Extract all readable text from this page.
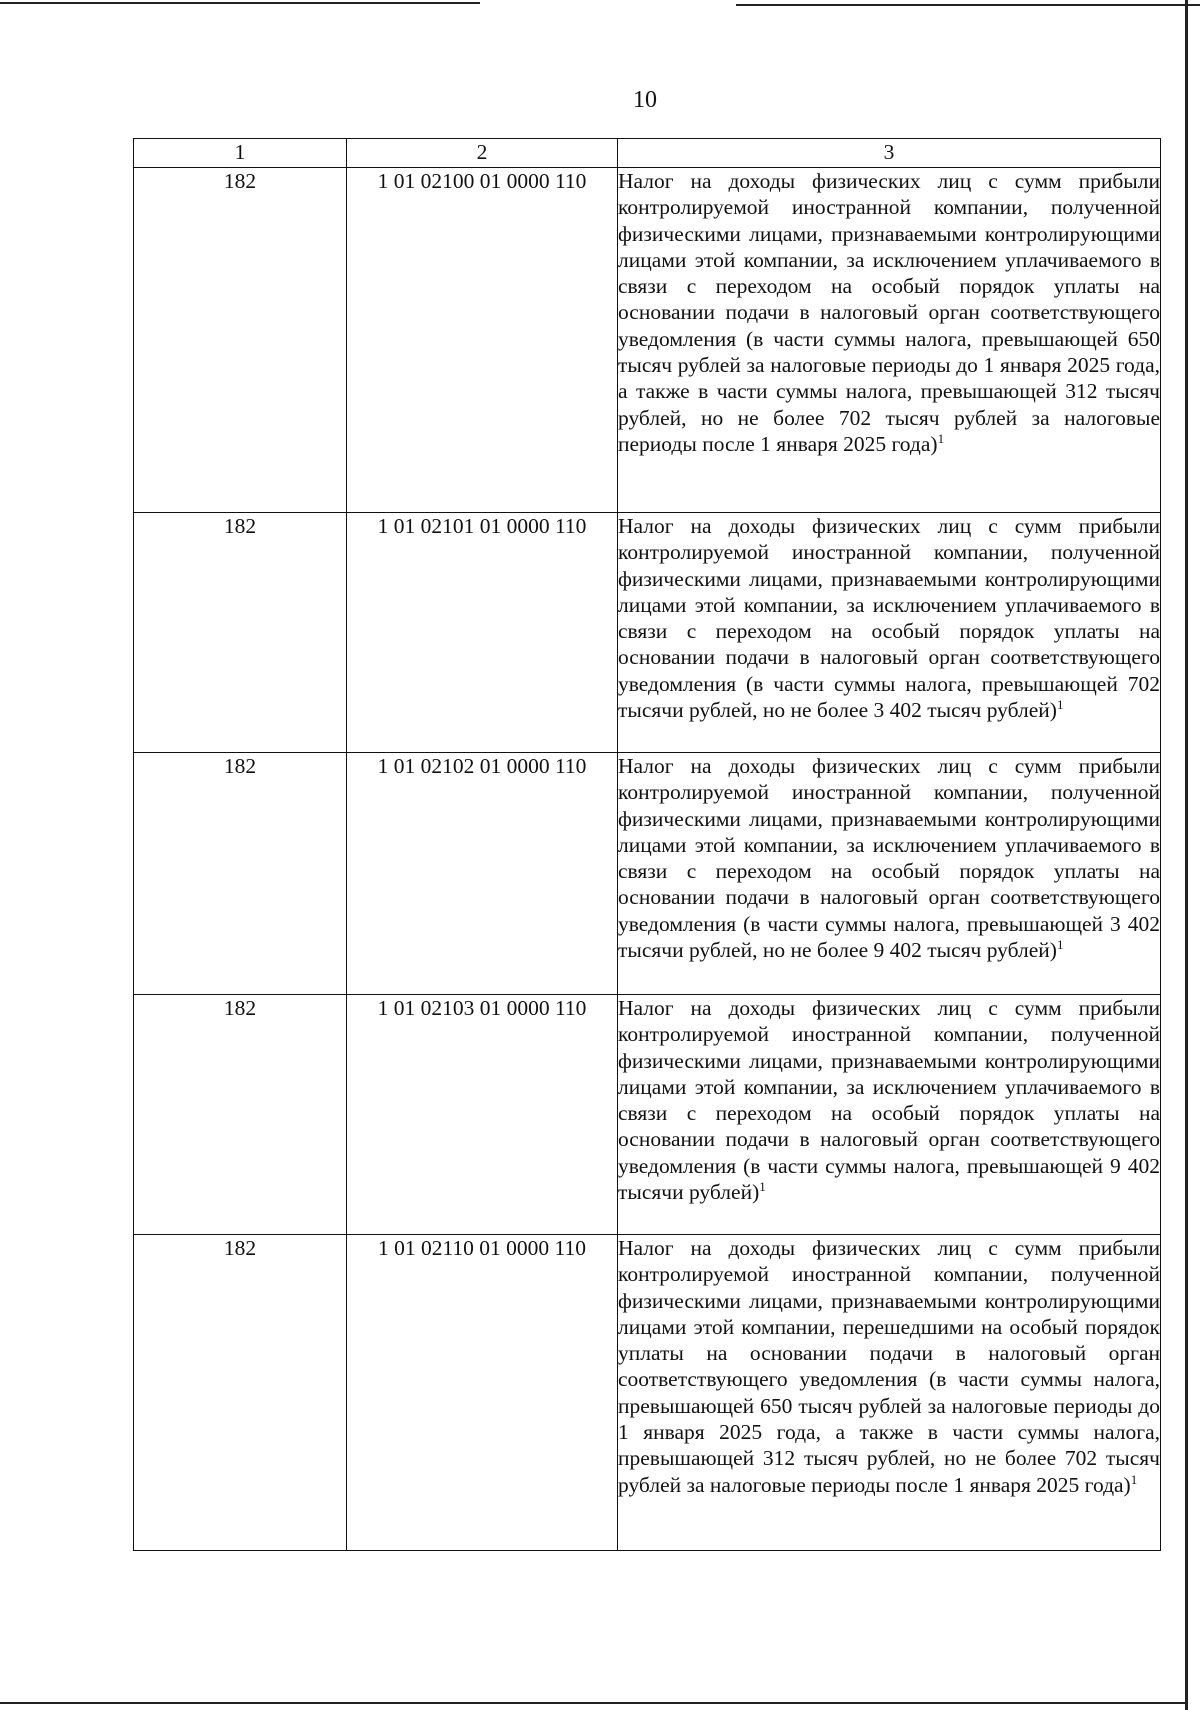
10
1	2	3
182	1 01 02100 01 0000 110	Налог на доходы физических лиц с сумм прибыли контролируемой иностранной компании, полученной физическими лицами, признаваемыми контролирующими лицами этой компании, за исключением уплачиваемого в связи с переходом на особый порядок уплаты на основании подачи в налоговый орган соответствующего уведомления (в части суммы налога, превышающей 650 тысяч рублей за налоговые периоды до 1 января 2025 года, а также в части суммы налога, превышающей 312 тысяч рублей, но не более 702 тысяч рублей за налоговые периоды после 1 января 2025 года)$^1$
182	1 01 02101 01 0000 110	Налог на доходы физических лиц с сумм прибыли контролируемой иностранной компании, полученной физическими лицами, признаваемыми контролирующими лицами этой компании, за исключением уплачиваемого в связи с переходом на особый порядок уплаты на основании подачи в налоговый орган соответствующего уведомления (в части суммы налога, превышающей 702 тысячи рублей, но не более 3 402 тысяч рублей)$^1$
182	1 01 02102 01 0000 110	Налог на доходы физических лиц с сумм прибыли контролируемой иностранной компании, полученной физическими лицами, признаваемыми контролирующими лицами этой компании, за исключением уплачиваемого в связи с переходом на особый порядок уплаты на основании подачи в налоговый орган соответствующего уведомления (в части суммы налога, превышающей 3 402 тысячи рублей, но не более 9 402 тысяч рублей)$^1$
182	1 01 02103 01 0000 110	Налог на доходы физических лиц с сумм прибыли контролируемой иностранной компании, полученной физическими лицами, признаваемыми контролирующими лицами этой компании, за исключением уплачиваемого в связи с переходом на особый порядок уплаты на основании подачи в налоговый орган соответствующего уведомления (в части суммы налога, превышающей 9 402 тысячи рублей)$^1$
182	1 01 02110 01 0000 110	Налог на доходы физических лиц с сумм прибыли контролируемой иностранной компании, полученной физическими лицами, признаваемыми контролирующими лицами этой компании, перешедшими на особый порядок уплаты на основании подачи в налоговый орган соответствующего уведомления (в части суммы налога, превышающей 650 тысяч рублей за налоговые периоды до 1 января 2025 года, а также в части суммы налога, превышающей 312 тысяч рублей, но не более 702 тысяч рублей за налоговые периоды после 1 января 2025 года)$^1$
